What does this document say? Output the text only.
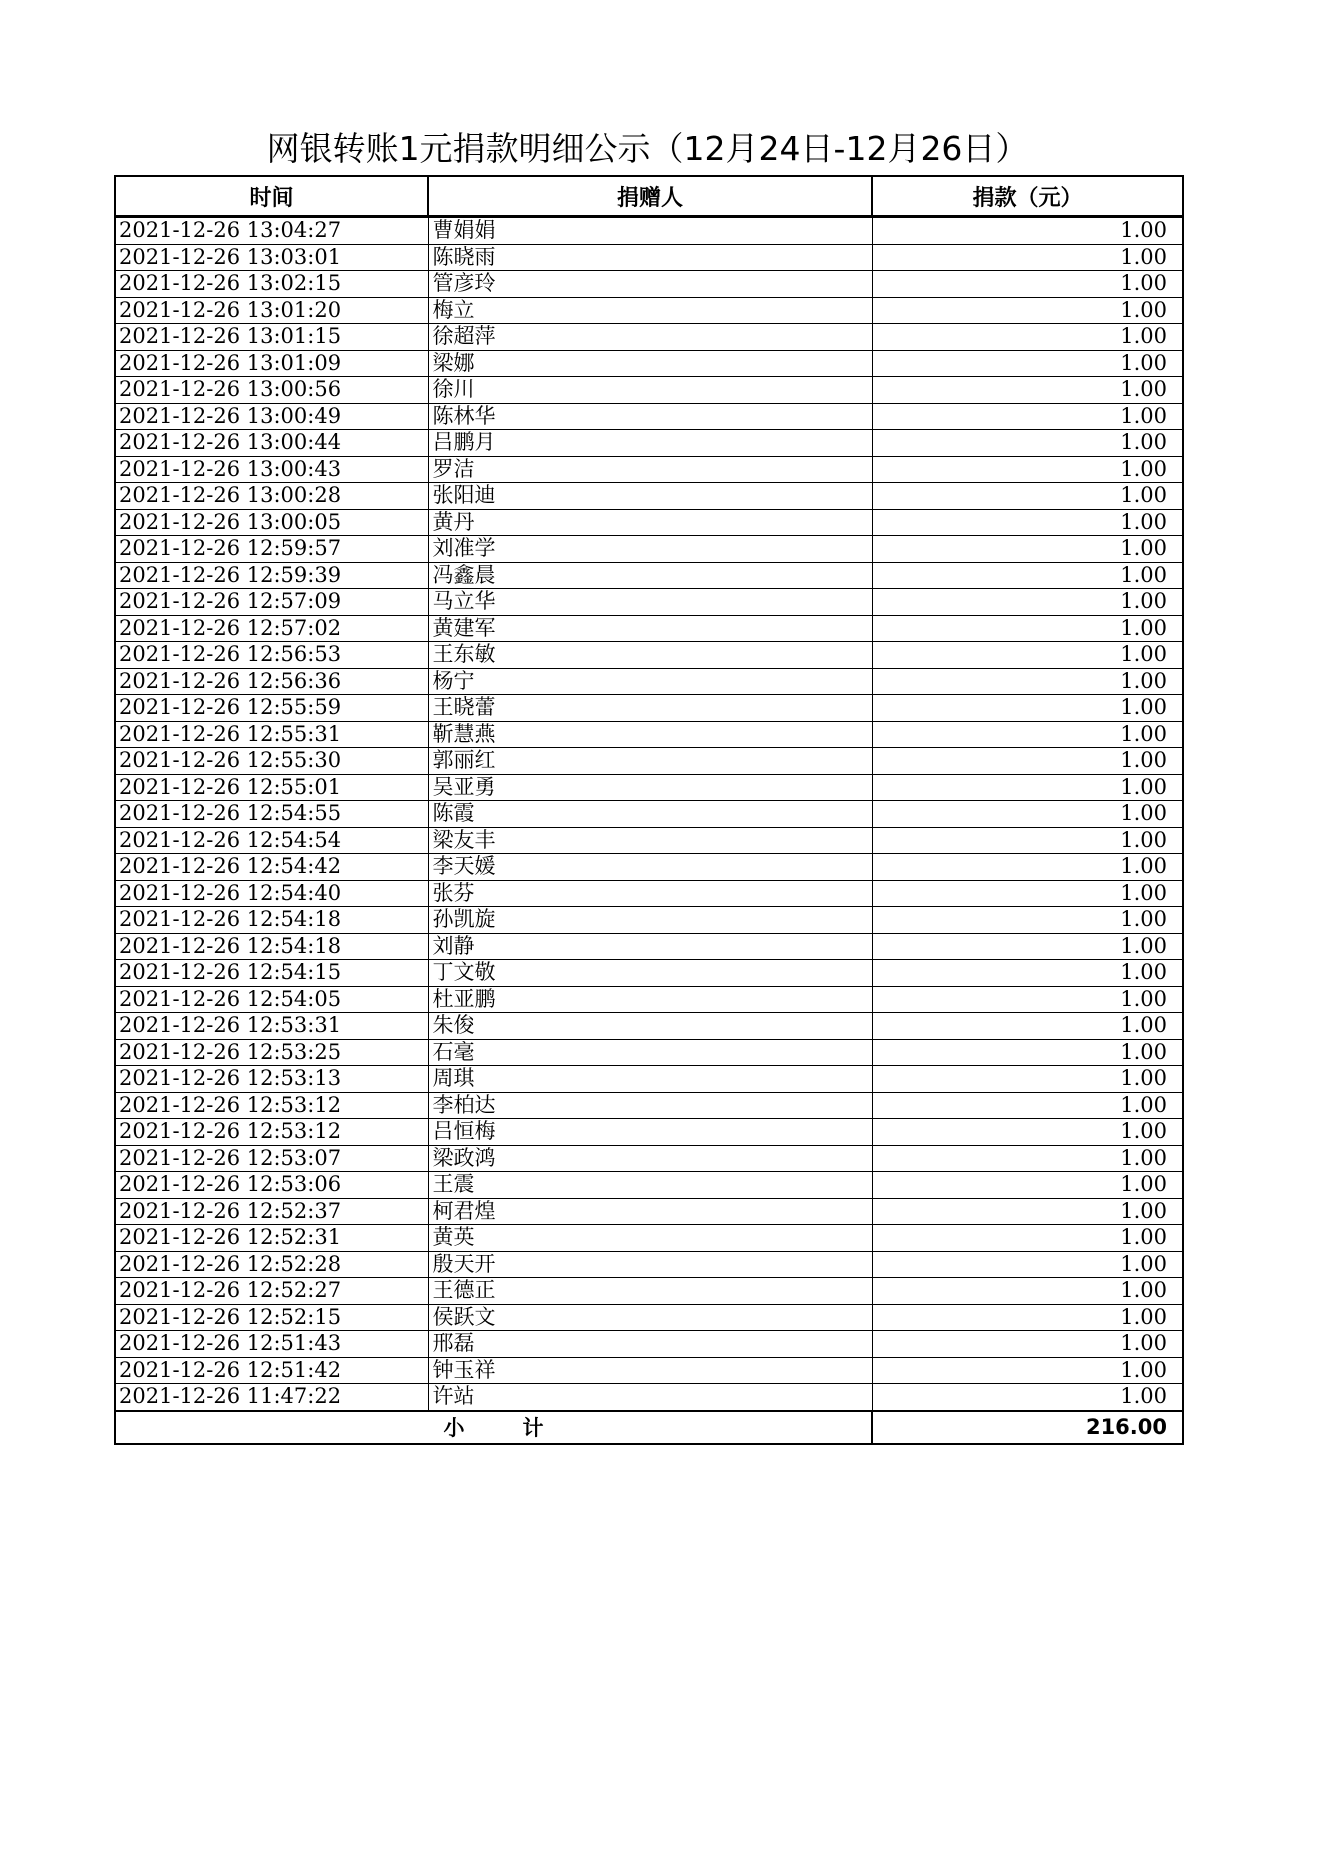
网银转账1元捐款明细公示（12月24日-12月26日）
时间	捐赠人	捐款（元）
2021-12-26 13:04:27	曹娟娟	1.00
2021-12-26 13:03:01	陈晓雨	1.00
2021-12-26 13:02:15	管彦玲	1.00
2021-12-26 13:01:20	梅立	1.00
2021-12-26 13:01:15	徐超萍	1.00
2021-12-26 13:01:09	梁娜	1.00
2021-12-26 13:00:56	徐川	1.00
2021-12-26 13:00:49	陈林华	1.00
2021-12-26 13:00:44	吕鹏月	1.00
2021-12-26 13:00:43	罗洁	1.00
2021-12-26 13:00:28	张阳迪	1.00
2021-12-26 13:00:05	黄丹	1.00
2021-12-26 12:59:57	刘准学	1.00
2021-12-26 12:59:39	冯鑫晨	1.00
2021-12-26 12:57:09	马立华	1.00
2021-12-26 12:57:02	黄建军	1.00
2021-12-26 12:56:53	王东敏	1.00
2021-12-26 12:56:36	杨宁	1.00
2021-12-26 12:55:59	王晓蕾	1.00
2021-12-26 12:55:31	靳慧燕	1.00
2021-12-26 12:55:30	郭丽红	1.00
2021-12-26 12:55:01	吴亚勇	1.00
2021-12-26 12:54:55	陈霞	1.00
2021-12-26 12:54:54	梁友丰	1.00
2021-12-26 12:54:42	李天媛	1.00
2021-12-26 12:54:40	张芬	1.00
2021-12-26 12:54:18	孙凯旋	1.00
2021-12-26 12:54:18	刘静	1.00
2021-12-26 12:54:15	丁文敬	1.00
2021-12-26 12:54:05	杜亚鹏	1.00
2021-12-26 12:53:31	朱俊	1.00
2021-12-26 12:53:25	石毫	1.00
2021-12-26 12:53:13	周琪	1.00
2021-12-26 12:53:12	李柏达	1.00
2021-12-26 12:53:12	吕恒梅	1.00
2021-12-26 12:53:07	梁政鸿	1.00
2021-12-26 12:53:06	王震	1.00
2021-12-26 12:52:37	柯君煌	1.00
2021-12-26 12:52:31	黄英	1.00
2021-12-26 12:52:28	殷天开	1.00
2021-12-26 12:52:27	王德正	1.00
2021-12-26 12:52:15	侯跃文	1.00
2021-12-26 12:51:43	邢磊	1.00
2021-12-26 12:51:42	钟玉祥	1.00
2021-12-26 11:47:22	许站	1.00
小 计		216.00
